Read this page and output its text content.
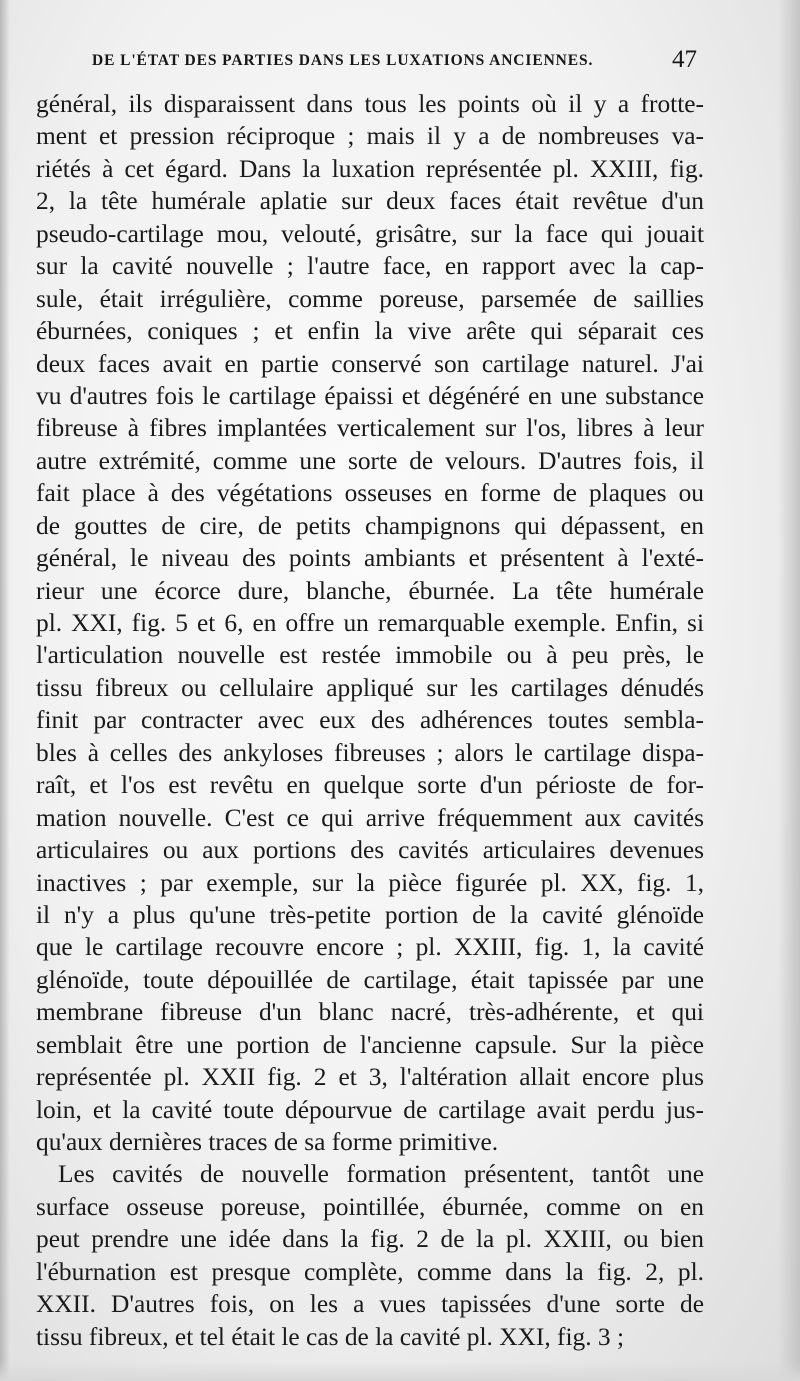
DE L'ÉTAT DES PARTIES DANS LES LUXATIONS ANCIENNES.	47
général, ils disparaissent dans tous les points où il y a frotte-
ment et pression réciproque ; mais il y a de nombreuses va-
riétés à cet égard. Dans la luxation représentée pl. XXIII, fig.
2, la tête humérale aplatie sur deux faces était revêtue d'un
pseudo-cartilage mou, velouté, grisâtre, sur la face qui jouait
sur la cavité nouvelle ; l'autre face, en rapport avec la cap-
sule, était irrégulière, comme poreuse, parsemée de saillies
éburnées, coniques ; et enfin la vive arête qui séparait ces
deux faces avait en partie conservé son cartilage naturel. J'ai
vu d'autres fois le cartilage épaissi et dégénéré en une substance
fibreuse à fibres implantées verticalement sur l'os, libres à leur
autre extrémité, comme une sorte de velours. D'autres fois, il
fait place à des végétations osseuses en forme de plaques ou
de gouttes de cire, de petits champignons qui dépassent, en
général, le niveau des points ambiants et présentent à l'exté-
rieur une écorce dure, blanche, éburnée. La tête humérale
pl. XXI, fig. 5 et 6, en offre un remarquable exemple. Enfin, si
l'articulation nouvelle est restée immobile ou à peu près, le
tissu fibreux ou cellulaire appliqué sur les cartilages dénudés
finit par contracter avec eux des adhérences toutes sembla-
bles à celles des ankyloses fibreuses ; alors le cartilage dispa-
raît, et l'os est revêtu en quelque sorte d'un périoste de for-
mation nouvelle. C'est ce qui arrive fréquemment aux cavités
articulaires ou aux portions des cavités articulaires devenues
inactives ; par exemple, sur la pièce figurée pl. XX, fig. 1,
il n'y a plus qu'une très-petite portion de la cavité glénoïde
que le cartilage recouvre encore ; pl. XXIII, fig. 1, la cavité
glénoïde, toute dépouillée de cartilage, était tapissée par une
membrane fibreuse d'un blanc nacré, très-adhérente, et qui
semblait être une portion de l'ancienne capsule. Sur la pièce
représentée pl. XXII fig. 2 et 3, l'altération allait encore plus
loin, et la cavité toute dépourvue de cartilage avait perdu jus-
qu'aux dernières traces de sa forme primitive.
Les cavités de nouvelle formation présentent, tantôt une
surface osseuse poreuse, pointillée, éburnée, comme on en
peut prendre une idée dans la fig. 2 de la pl. XXIII, ou bien
l'éburnation est presque complète, comme dans la fig. 2, pl.
XXII. D'autres fois, on les a vues tapissées d'une sorte de
tissu fibreux, et tel était le cas de la cavité pl. XXI, fig. 3 ;
